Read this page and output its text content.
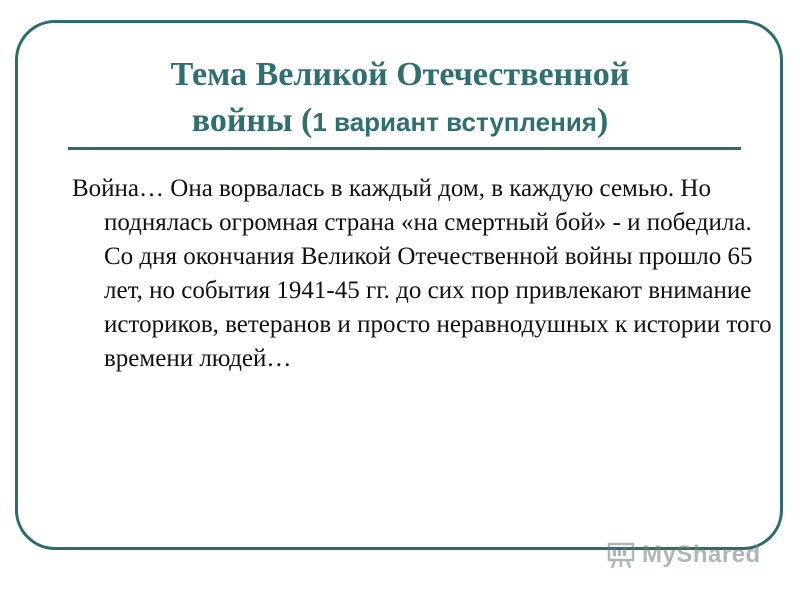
Тема Великой Отечественной
войны (1 вариант вступления)
Война… Она ворвалась в каждый дом, в каждую семью. Но поднялась огромная страна «на смертный бой» - и победила. Со дня окончания Великой Отечественной войны прошло 65 лет, но события 1941-45 гг. до сих пор привлекают внимание историков, ветеранов и просто неравнодушных к истории того времени людей…
MyShared
